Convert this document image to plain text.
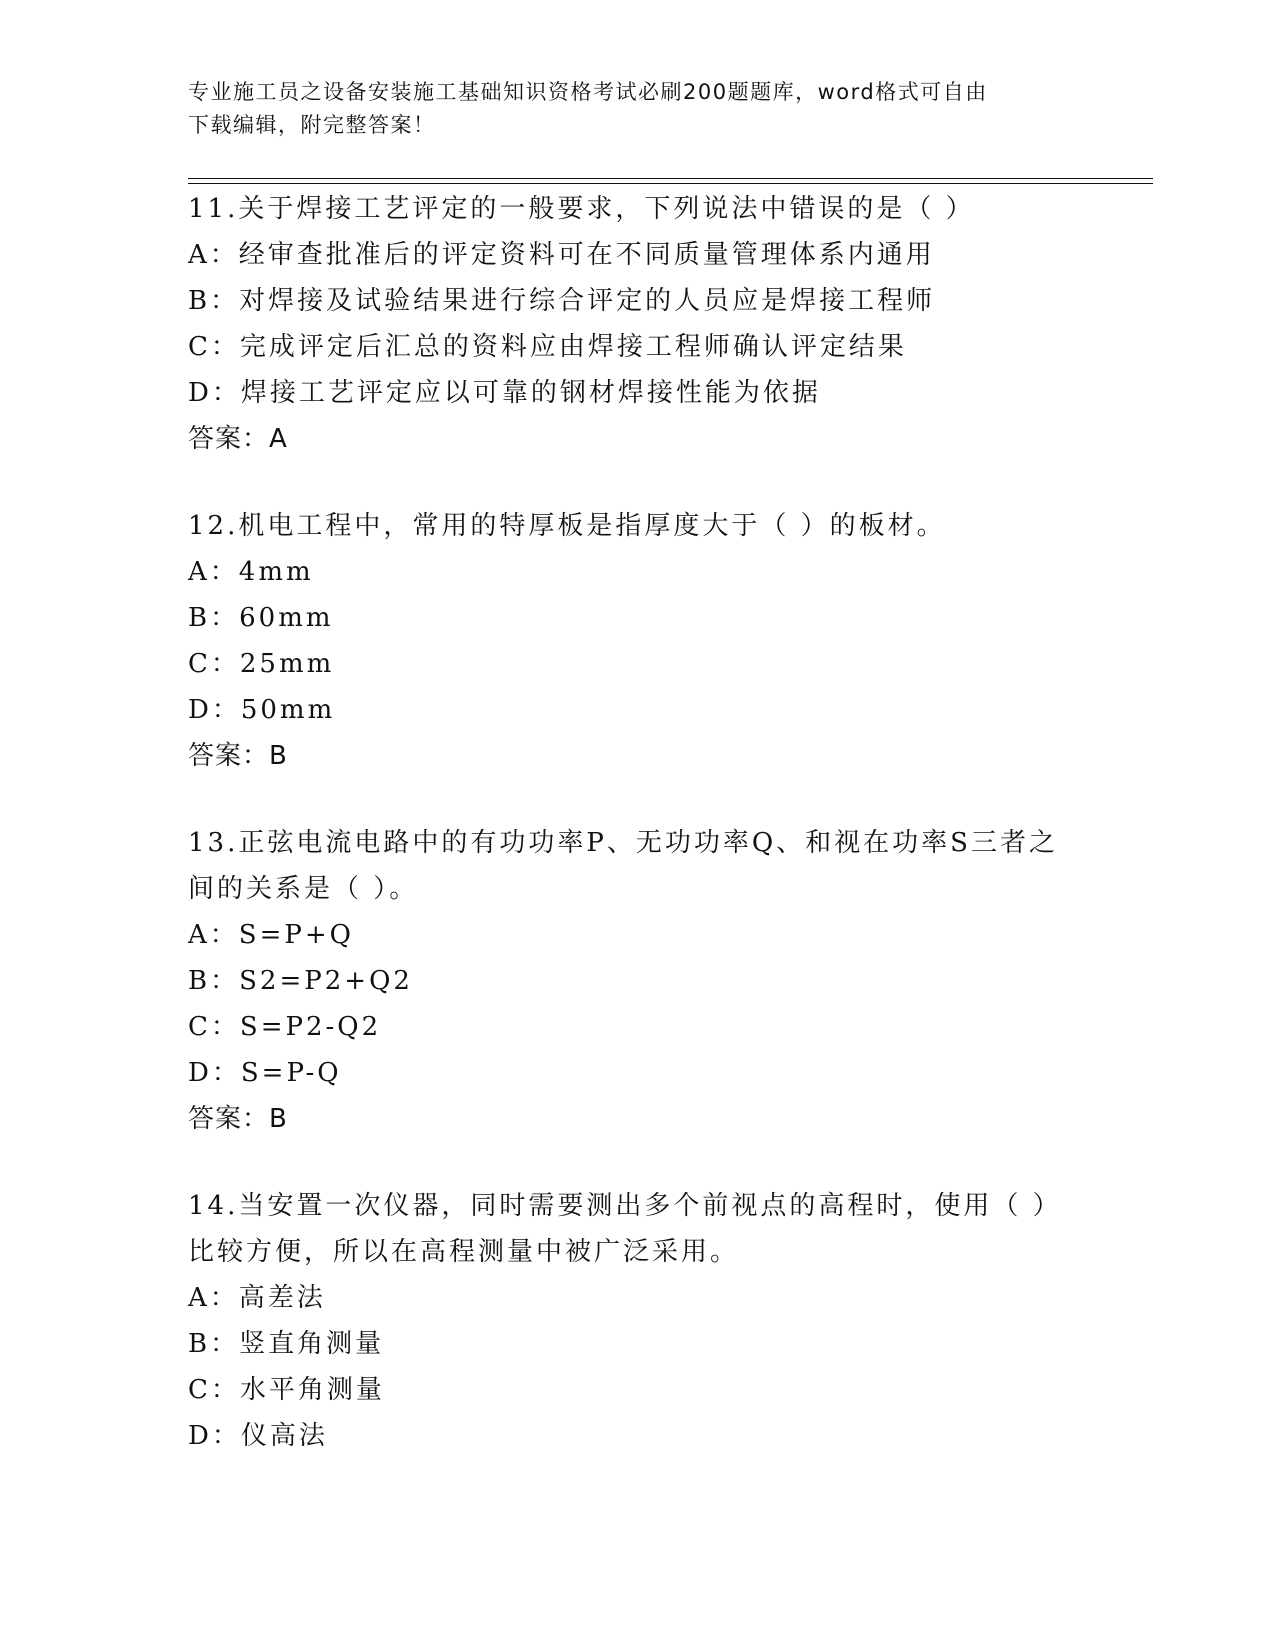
专业施工员之设备安装施工基础知识资格考试必刷200题题库，word格式可自由
下载编辑，附完整答案！
11.关于焊接工艺评定的一般要求，下列说法中错误的是（ ）
A：经审查批准后的评定资料可在不同质量管理体系内通用
B：对焊接及试验结果进行综合评定的人员应是焊接工程师
C：完成评定后汇总的资料应由焊接工程师确认评定结果
D：焊接工艺评定应以可靠的钢材焊接性能为依据
答案：A
12.机电工程中，常用的特厚板是指厚度大于（ ）的板材。
A：4mm
B：60mm
C：25mm
D：50mm
答案：B
13.正弦电流电路中的有功功率P、无功功率Q、和视在功率S三者之
间的关系是（ ）。
A：S=P+Q
B：S2=P2+Q2
C：S=P2-Q2
D：S=P-Q
答案：B
14.当安置一次仪器，同时需要测出多个前视点的高程时，使用（ ）
比较方便，所以在高程测量中被广泛采用。
A：高差法
B：竖直角测量
C：水平角测量
D：仪高法
